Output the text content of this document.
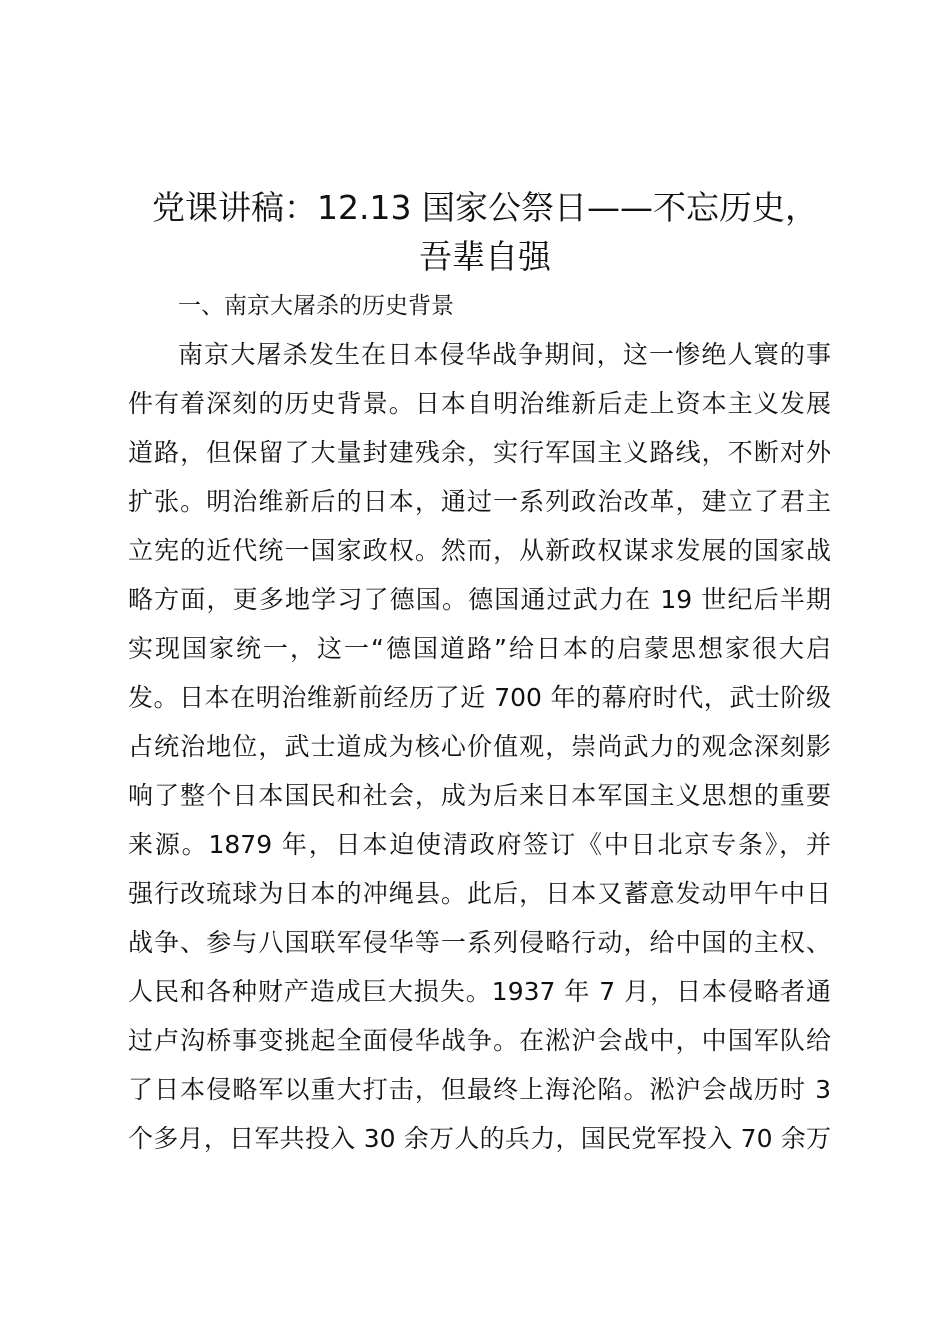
党课讲稿：12.13 国家公祭日——不忘历史，
吾辈自强

一、南京大屠杀的历史背景

南京大屠杀发生在日本侵华战争期间，这一惨绝人寰的事

件有着深刻的历史背景。日本自明治维新后走上资本主义发展

道路，但保留了大量封建残余，实行军国主义路线，不断对外

扩张。明治维新后的日本，通过一系列政治改革，建立了君主

立宪的近代统一国家政权。然而，从新政权谋求发展的国家战

略方面，更多地学习了德国。德国通过武力在 19 世纪后半期

实现国家统一，这一“德国道路”给日本的启蒙思想家很大启

发。日本在明治维新前经历了近 700 年的幕府时代，武士阶级

占统治地位，武士道成为核心价值观，崇尚武力的观念深刻影

响了整个日本国民和社会，成为后来日本军国主义思想的重要

来源。1879 年，日本迫使清政府签订《中日北京专条》，并

强行改琉球为日本的冲绳县。此后，日本又蓄意发动甲午中日

战争、参与八国联军侵华等一系列侵略行动，给中国的主权、

人民和各种财产造成巨大损失。1937 年 7 月，日本侵略者通

过卢沟桥事变挑起全面侵华战争。在淞沪会战中，中国军队给

了日本侵略军以重大打击，但最终上海沦陷。淞沪会战历时 3

个多月，日军共投入 30 余万人的兵力，国民党军投入 70 余万
